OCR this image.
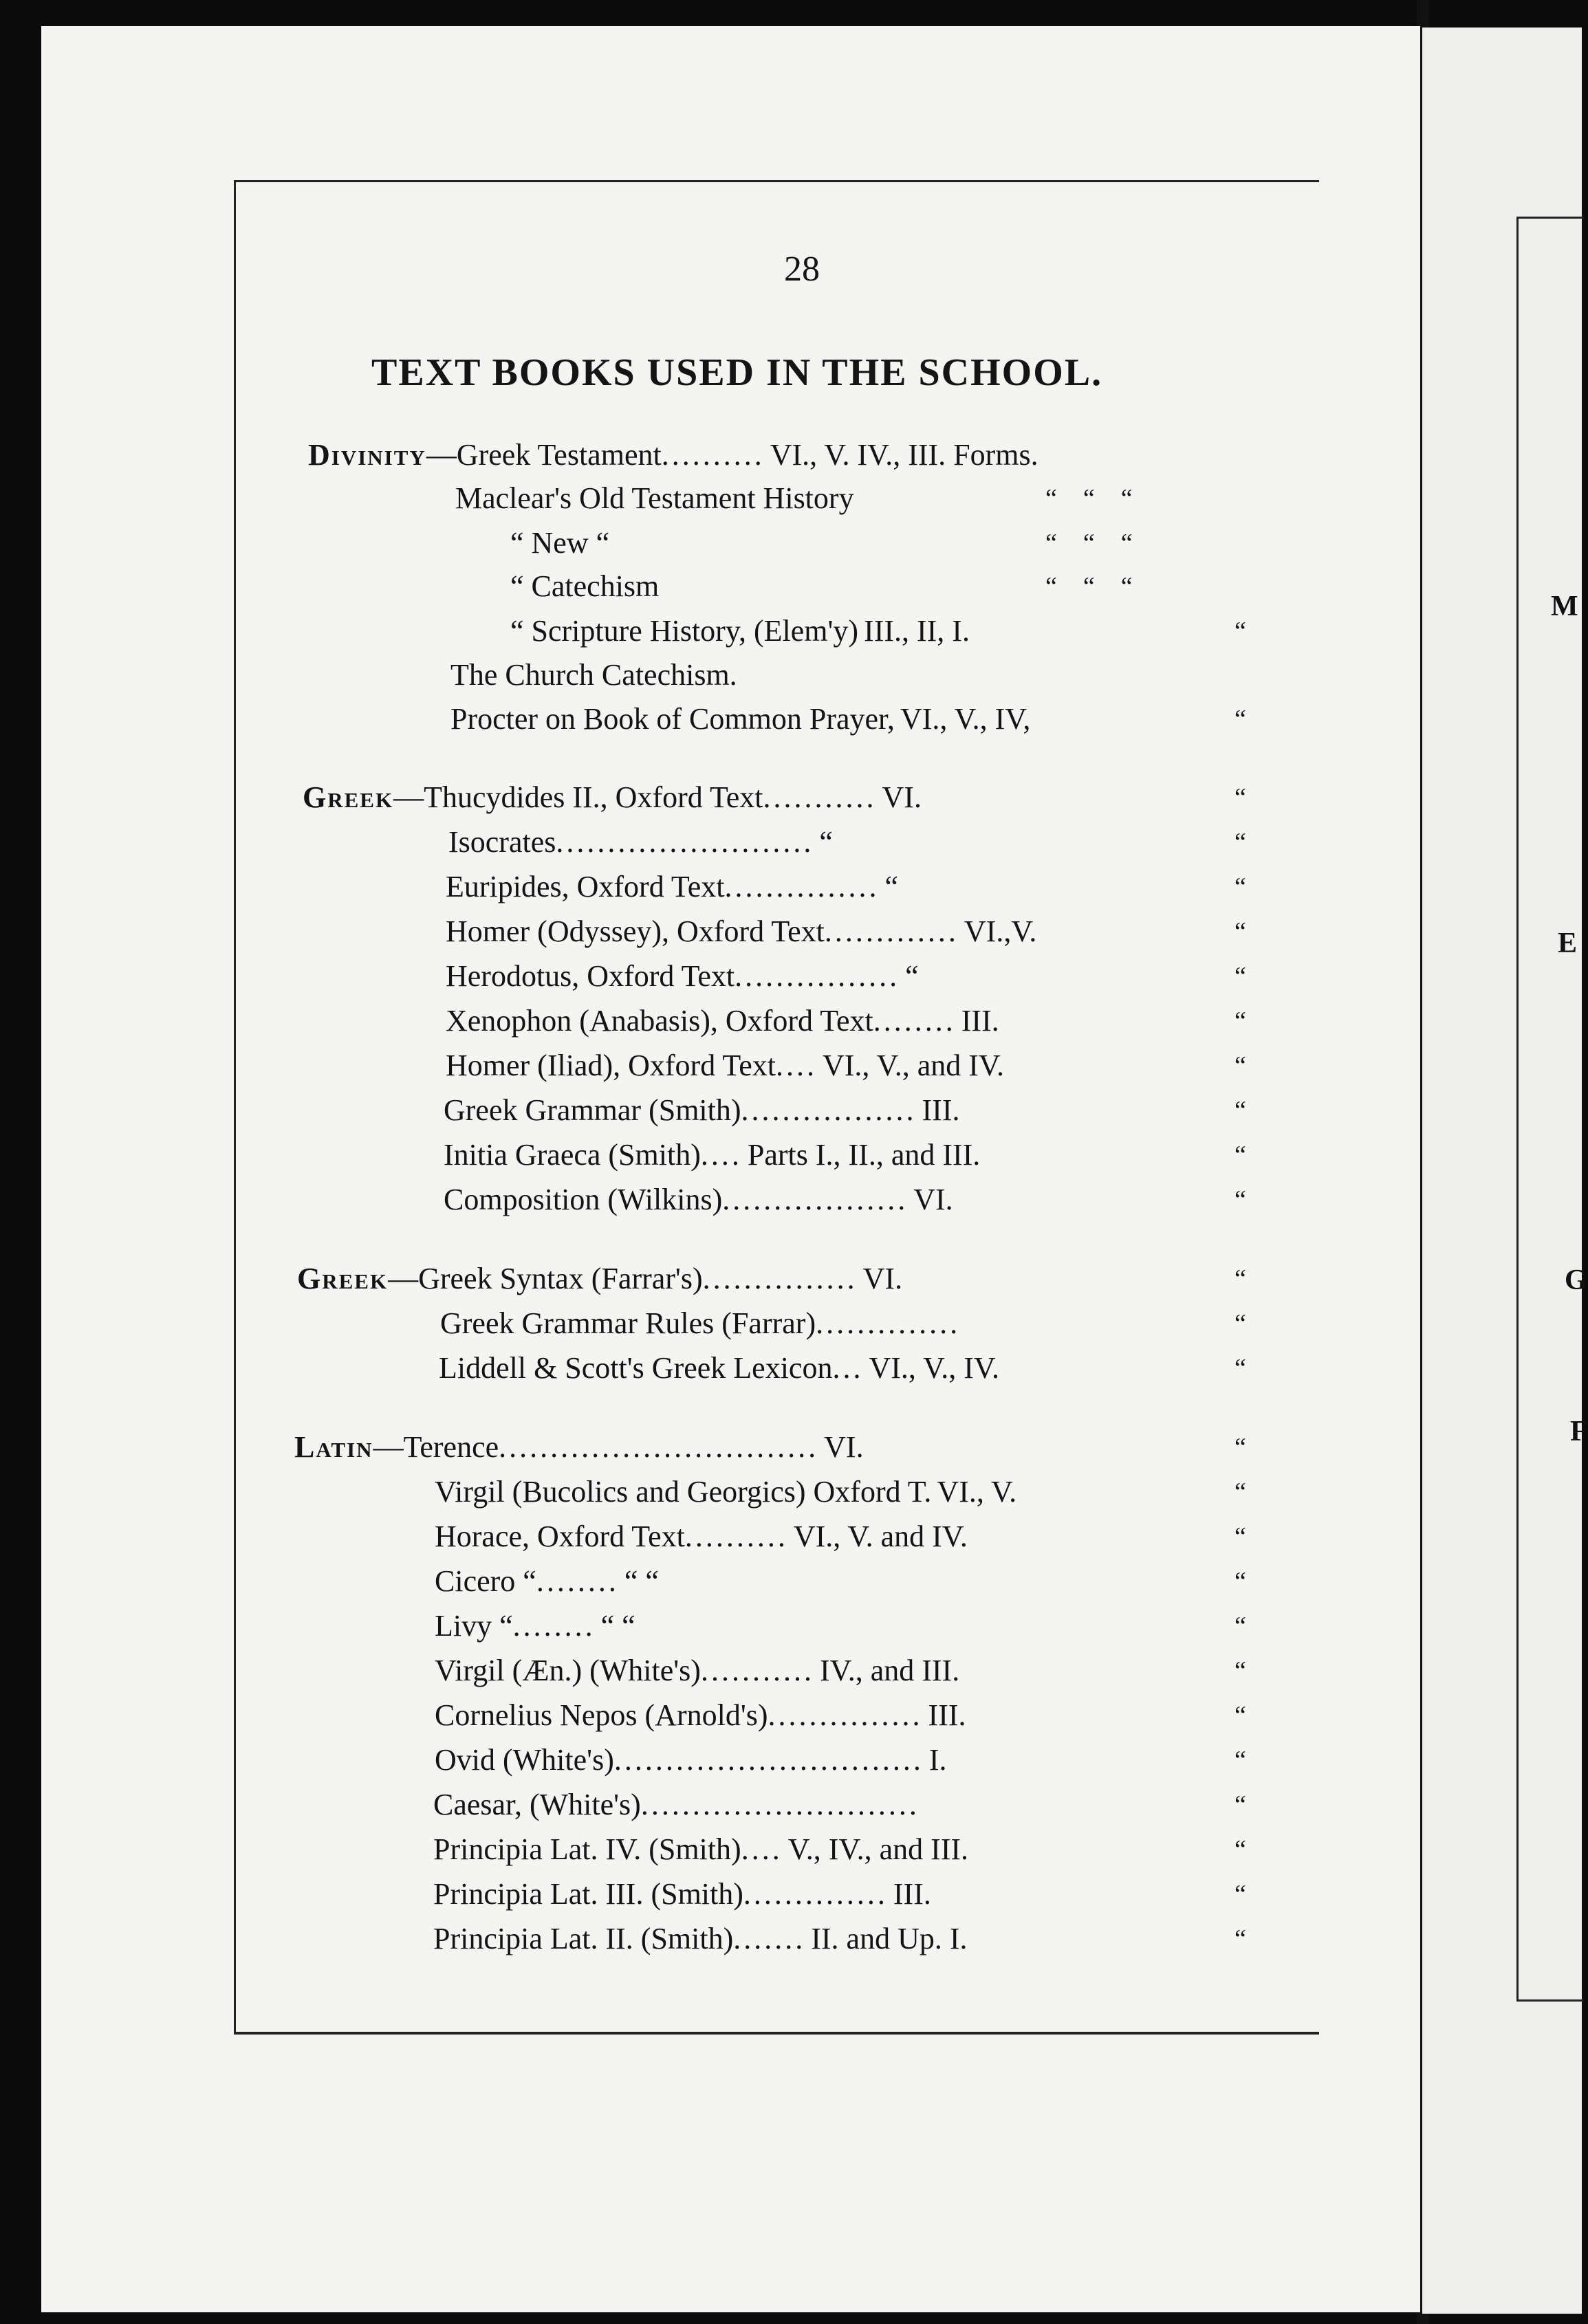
M
E
G
F
28
TEXT BOOKS USED IN THE SCHOOL.
Divinity—Greek Testament.......... VI., V. IV., III. Forms.
Maclear's Old Testament History	“    “    “
“ New “	“    “    “
“ Catechism	“    “    “
“ Scripture History, (Elem'y) III., II, I.	“
The Church Catechism.
Procter on Book of Common Prayer, VI., V., IV,	“
Greek—Thucydides II., Oxford Text........... VI.	“
Isocrates......................... “	“
Euripides, Oxford Text............... “	“
Homer (Odyssey), Oxford Text............. VI.,V.	“
Herodotus, Oxford Text................ “	“
Xenophon (Anabasis), Oxford Text........ III.	“
Homer (Iliad), Oxford Text.... VI., V., and IV.	“
Greek Grammar (Smith)................. III.	“
Initia Graeca (Smith).... Parts I., II., and III.	“
Composition (Wilkins).................. VI.	“
Greek—Greek Syntax (Farrar's)............... VI.	“
Greek Grammar Rules (Farrar)..............	“
Liddell & Scott's Greek Lexicon... VI., V., IV.	“
Latin—Terence............................... VI.	“
Virgil (Bucolics and Georgics) Oxford T. VI., V.	“
Horace, Oxford Text.......... VI., V. and IV.	“
Cicero “........ “ “	“
Livy “........ “ “	“
Virgil (Æn.) (White's)........... IV., and III.	“
Cornelius Nepos (Arnold's)............... III.	“
Ovid (White's).............................. I.	“
Caesar, (White's)...........................	“
Principia Lat. IV. (Smith).... V., IV., and III.	“
Principia Lat. III. (Smith).............. III.	“
Principia Lat. II. (Smith)....... II. and Up. I.	“
